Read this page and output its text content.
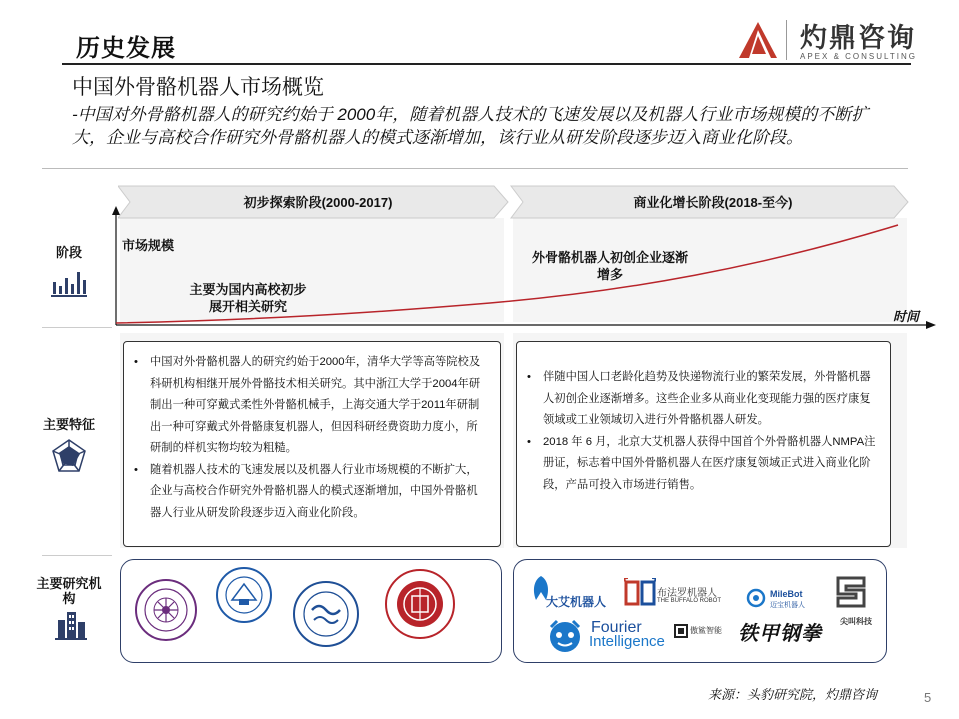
历史发展	灼鼎咨询
APEX & CONSULTING
中国外骨骼机器人市场概览
-中国对外骨骼机器人的研究约始于 2000年，随着机器人技术的飞速发展以及机器人行业市场规模的不断扩大，企业与高校合作研究外骨骼机器人的模式逐渐增加，该行业从研发阶段逐步迈入商业化阶段。
阶段
主要特征
主要研究机构
初步探索阶段(2000-2017)	商业化增长阶段(2018-至今)
市场规模
时间
主要为国内高校初步展开相关研究
外骨骼机器人初创企业逐渐增多
• 中国对外骨骼机器人的研究约始于2000年，清华大学等高等院校及科研机构相继开展外骨骼技术相关研究。其中浙江大学于2004年研制出一种可穿戴式柔性外骨骼机械手，上海交通大学于2011年研制出一种可穿戴式外骨骼康复机器人，但因科研经费资助力度小，所研制的样机实物均较为粗糙。
• 随着机器人技术的飞速发展以及机器人行业市场规模的不断扩大，企业与高校合作研究外骨骼机器人的模式逐渐增加，中国外骨骼机器人行业从研发阶段逐步迈入商业化阶段。
• 伴随中国人口老龄化趋势及快递物流行业的繁荣发展，外骨骼机器人初创企业逐渐增多。这些企业多从商业化变现能力强的医疗康复领域或工业领域切入进行外骨骼机器人研发。
• 2018 年 6 月，北京大艾机器人获得中国首个外骨骼机器人NMPA注册证，标志着中国外骨骼机器人在医疗康复领域正式进入商业化阶段，产品可投入市场进行销售。
大艾机器人
布法罗机器人
THE BUFFALO ROBOT
MileBot
迈宝机器人
尖叫科技
Fourier
Intelligence
傲鲨智能 铁甲钢拳
来源：头豹研究院，灼鼎咨询	5
